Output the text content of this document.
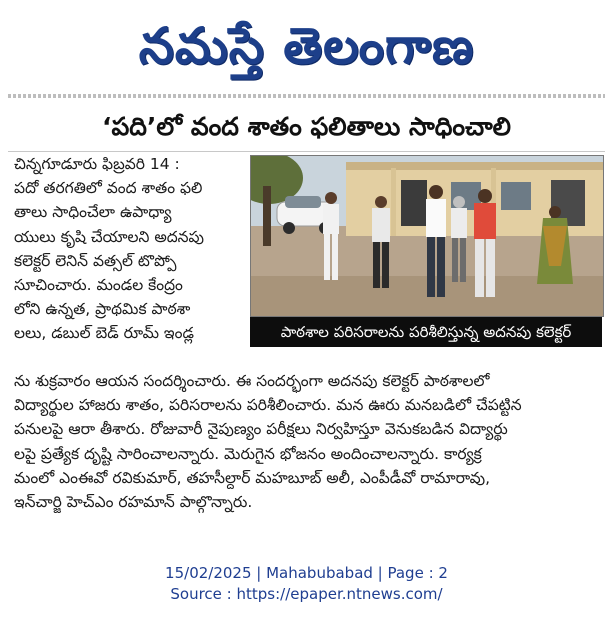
నమస్తే తెలంగాణ
‘పది’లో వంద శాతం ఫలితాలు సాధించాలి
చిన్నగూడూరు ఫిబ్రవరి 14 :
పదో తరగతిలో వంద శాతం ఫలి
తాలు సాధించేలా ఉపాధ్యా
యులు కృషి చేయాలని అదనపు
కలెక్టర్ లెనిన్ వత్సల్ టొప్పో
సూచించారు. మండల కేంద్రం
లోని ఉన్నత, ప్రాథమిక పాఠశా
లలు, డబుల్ బెడ్ రూమ్ ఇండ్ల	పాఠశాల పరిసరాలను పరిశీలిస్తున్న అదనపు కలెక్టర్
ను శుక్రవారం ఆయన సందర్శించారు. ఈ సందర్భంగా అదనపు కలెక్టర్ పాఠశాలలో
విద్యార్థుల హాజరు శాతం, పరిసరాలను పరిశీలించారు. మన ఊరు మనబడిలో చేపట్టిన
పనులపై ఆరా తీశారు. రోజువారీ నైపుణ్యం పరీక్షలు నిర్వహిస్తూ వెనుకబడిన విద్యార్థు
లపై ప్రత్యేక దృష్టి సారించాలన్నారు. మెరుగైన భోజనం అందించాలన్నారు. కార్యక్ర
మంలో ఎంఈవో రవికుమార్, తహసీల్దార్ మహబూబ్ అలీ, ఎంపీడీవో రామారావు,
ఇన్‌చార్జి హెచ్ఎం రహమాన్ పాల్గొన్నారు.
15/02/2025 | Mahabubabad | Page : 2
Source : https://epaper.ntnews.com/
